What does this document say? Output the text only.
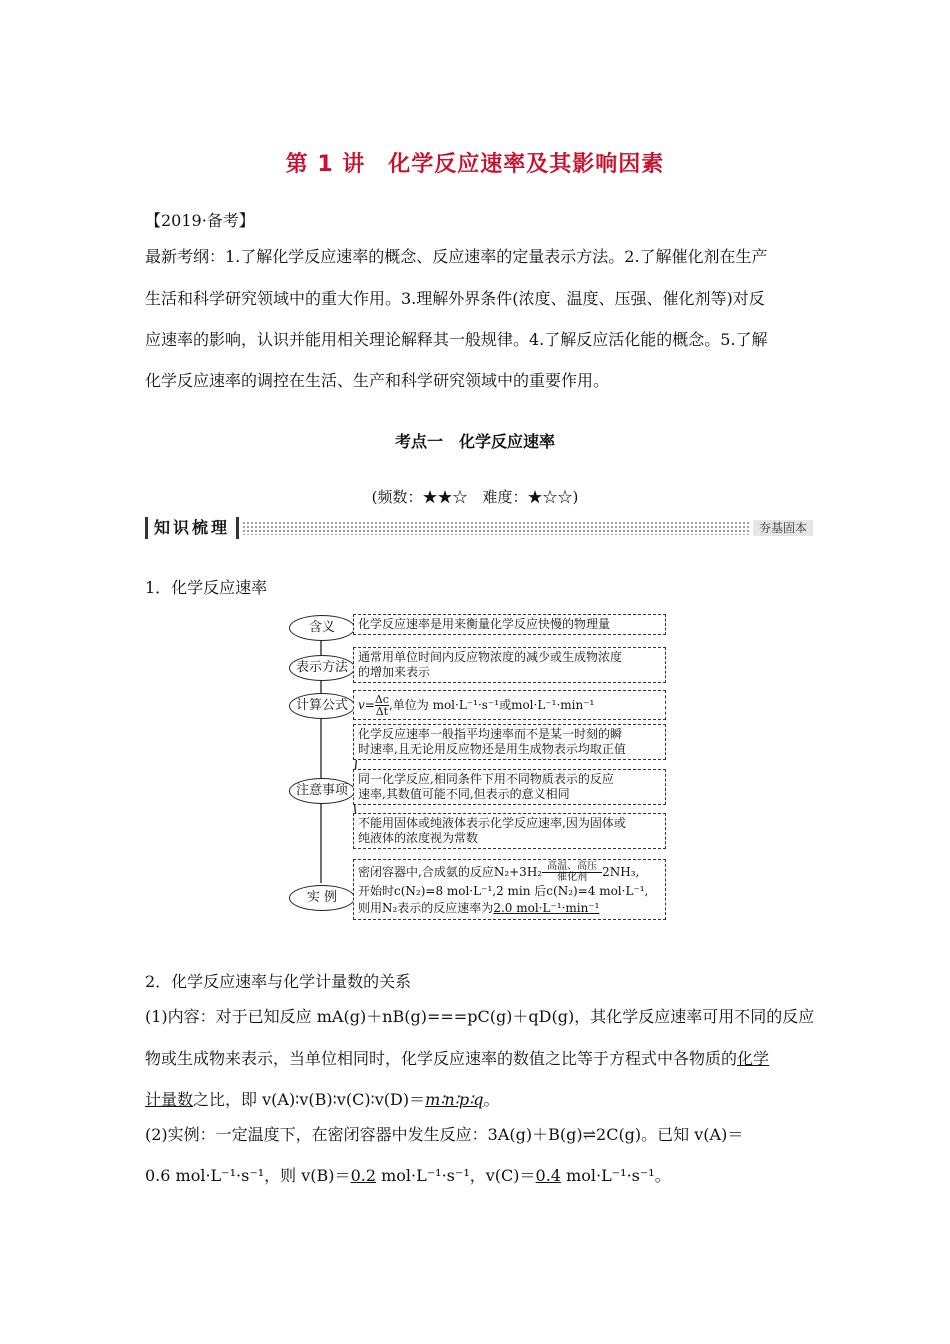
第 1 讲　化学反应速率及其影响因素
【2019·备考】
最新考纲：1.了解化学反应速率的概念、反应速率的定量表示方法。2.了解催化剂在生产
生活和科学研究领域中的重大作用。3.理解外界条件(浓度、温度、压强、催化剂等)对反
应速率的影响，认识并能用相关理论解释其一般规律。4.了解反应活化能的概念。5.了解
化学反应速率的调控在生活、生产和科学研究领域中的重要作用。
考点一　化学反应速率
(频数：★★☆　难度：★☆☆)
知识梳理	夯基固本
1．化学反应速率
含义
表示方法
计算公式
注意事项
实 例
化学反应速率是用来衡量化学反应快慢的物理量
通常用单位时间内反应物浓度的减少或生成物浓度
的增加来表示
$v= \frac{\Delta c}{\Delta t}$ ,单位为 mol·L⁻¹·s⁻¹或mol·L⁻¹·min⁻¹
化学反应速率一般指平均速率而不是某一时刻的瞬
时速率,且无论用反应物还是用生成物表示均取正值
同一化学反应,相同条件下用不同物质表示的反应
速率,其数值可能不同,但表示的意义相同
不能用固体或纯液体表示化学反应速率,因为固体或
纯液体的浓度视为常数
密闭容器中,合成氨的反应N₂+3H₂ 高温、高压
催化剂	2NH₃,
开始时c(N₂)=8 mol·L⁻¹,2 min 后c(N₂)=4 mol·L⁻¹,
则用N₂表示的反应速率为2.0 mol·L⁻¹·min⁻¹
2．化学反应速率与化学计量数的关系
(1)内容：对于已知反应 mA(g)＋nB(g)===pC(g)＋qD(g)，其化学反应速率可用不同的反应
物或生成物来表示，当单位相同时，化学反应速率的数值之比等于方程式中各物质的化学
计量数之比，即 v(A)∶v(B)∶v(C)∶v(D)＝m∶n∶p∶q。
(2)实例：一定温度下，在密闭容器中发生反应：3A(g)＋B(g)⇌2C(g)。已知 v(A)＝
0.6 mol·L⁻¹·s⁻¹，则 v(B)＝0.2 mol·L⁻¹·s⁻¹，v(C)＝0.4 mol·L⁻¹·s⁻¹。
